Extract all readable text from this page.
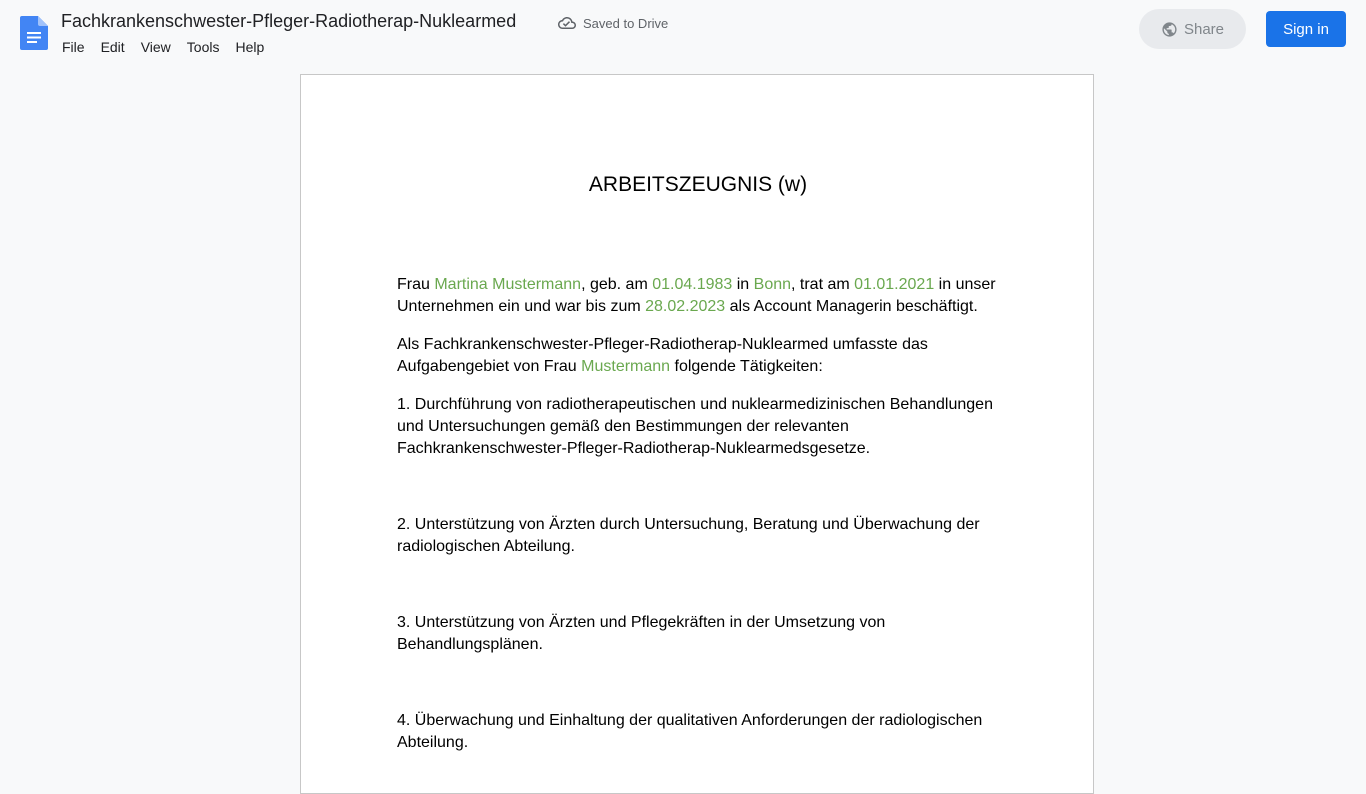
Fachkrankenschwester-Pfleger-Radiotherap-Nuklearmed	Saved to Drive
File	Edit	View	Tools	Help
Share	Sign in
ARBEITSZEUGNIS (w)

Frau Martina Mustermann, geb. am 01.04.1983 in Bonn, trat am 01.01.2021 in unser Unternehmen ein und war bis zum 28.02.2023 als Account Managerin beschäftigt.

Als Fachkrankenschwester-Pfleger-Radiotherap-Nuklearmed umfasste das Aufgabengebiet von Frau Mustermann folgende Tätigkeiten:

1. Durchführung von radiotherapeutischen und nuklearmedizinischen Behandlungen und Untersuchungen gemäß den Bestimmungen der relevanten Fachkrankenschwester-Pfleger-Radiotherap-Nuklearmedsgesetze.

2. Unterstützung von Ärzten durch Untersuchung, Beratung und Überwachung der radiologischen Abteilung.

3. Unterstützung von Ärzten und Pflegekräften in der Umsetzung von Behandlungsplänen.

4. Überwachung und Einhaltung der qualitativen Anforderungen der radiologischen Abteilung.
